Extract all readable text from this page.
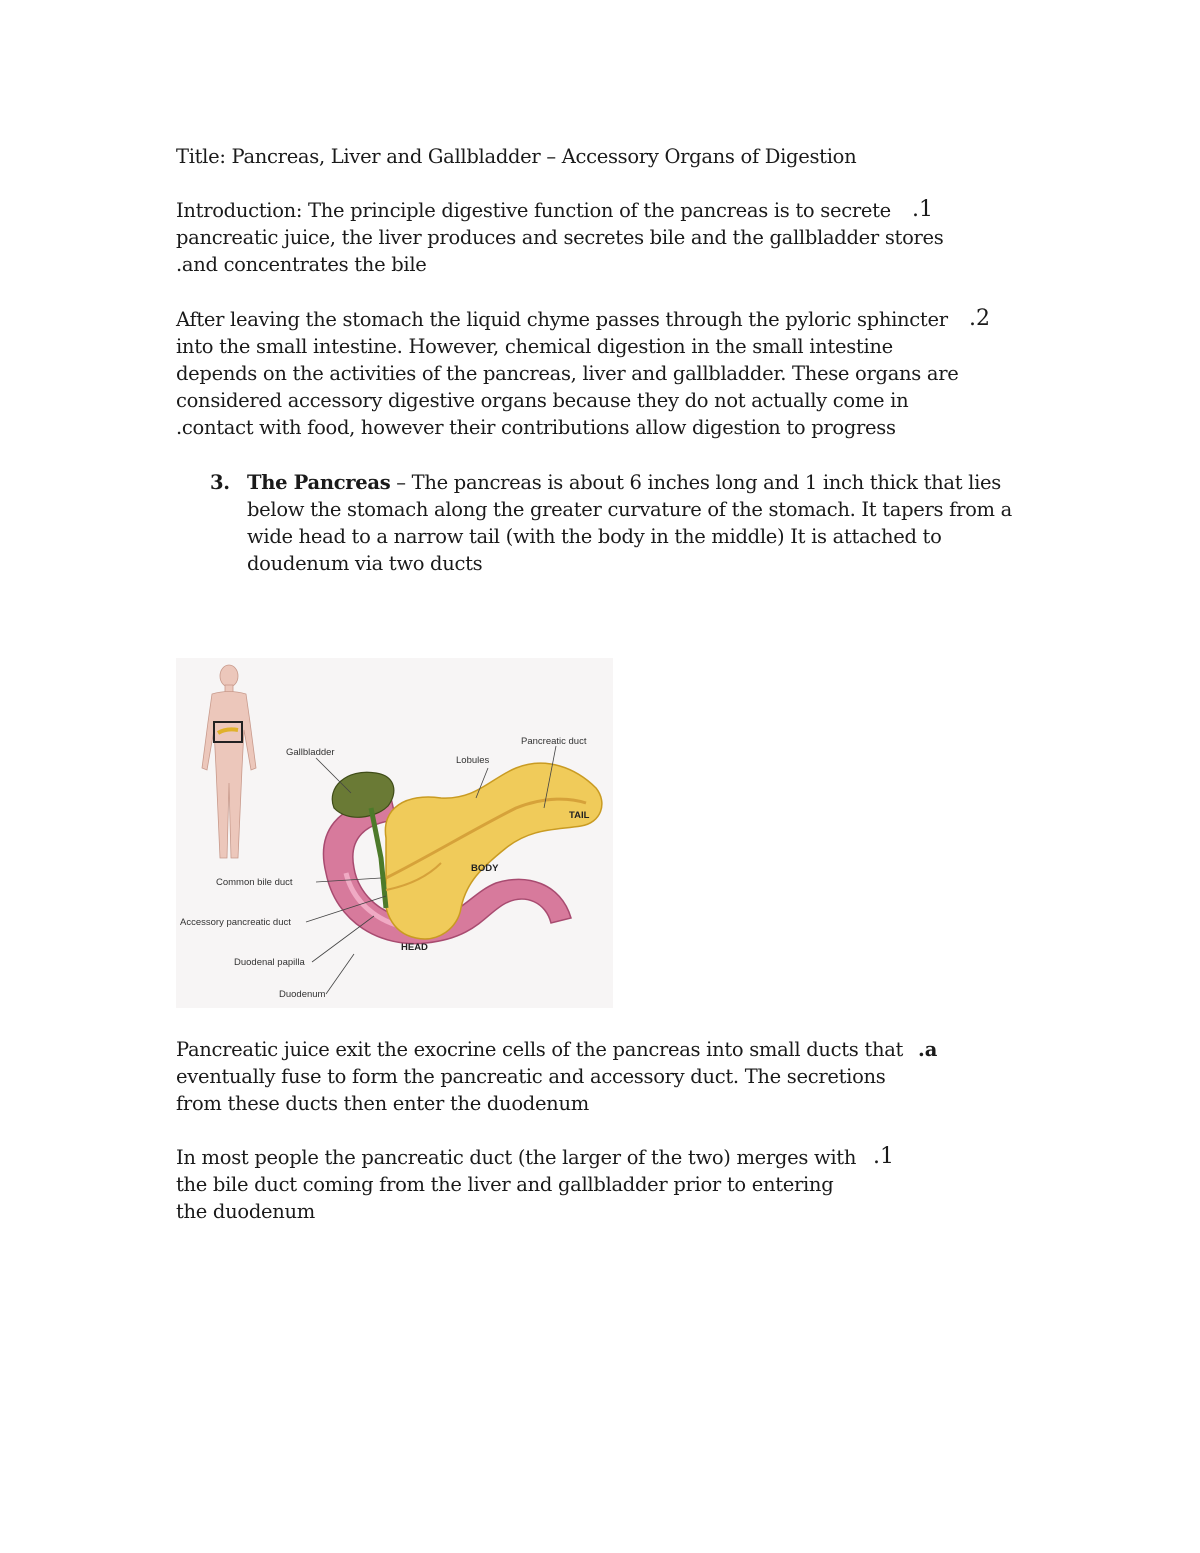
Title: Pancreas, Liver and Gallbladder – Accessory Organs of Digestion
Introduction: The principle digestive function of the pancreas is to secrete
pancreatic juice, the liver produces and secretes bile and the gallbladder stores
.and concentrates the bile
.1
After leaving the stomach the liquid chyme passes through the pyloric sphincter
into the small intestine. However, chemical digestion in the small intestine
depends on the activities of the pancreas, liver and gallbladder. These organs are
considered accessory digestive organs because they do not actually come in
.contact with food, however their contributions allow digestion to progress
.2
3. The Pancreas – The pancreas is about 6 inches long and 1 inch thick that lies
below the stomach along the greater curvature of the stomach. It tapers from a
wide head to a narrow tail (with the body in the middle) It is attached to
doudenum via two ducts
Gallbladder
Lobules
Pancreatic duct
TAIL
BODY
HEAD
Common bile duct
Accessory pancreatic duct
Duodenal papilla
Duodenum
Pancreatic juice exit the exocrine cells of the pancreas into small ducts that
eventually fuse to form the pancreatic and accessory duct. The secretions
from these ducts then enter the duodenum
.a
In most people the pancreatic duct (the larger of the two) merges with
the bile duct coming from the liver and gallbladder prior to entering
the duodenum
.1
